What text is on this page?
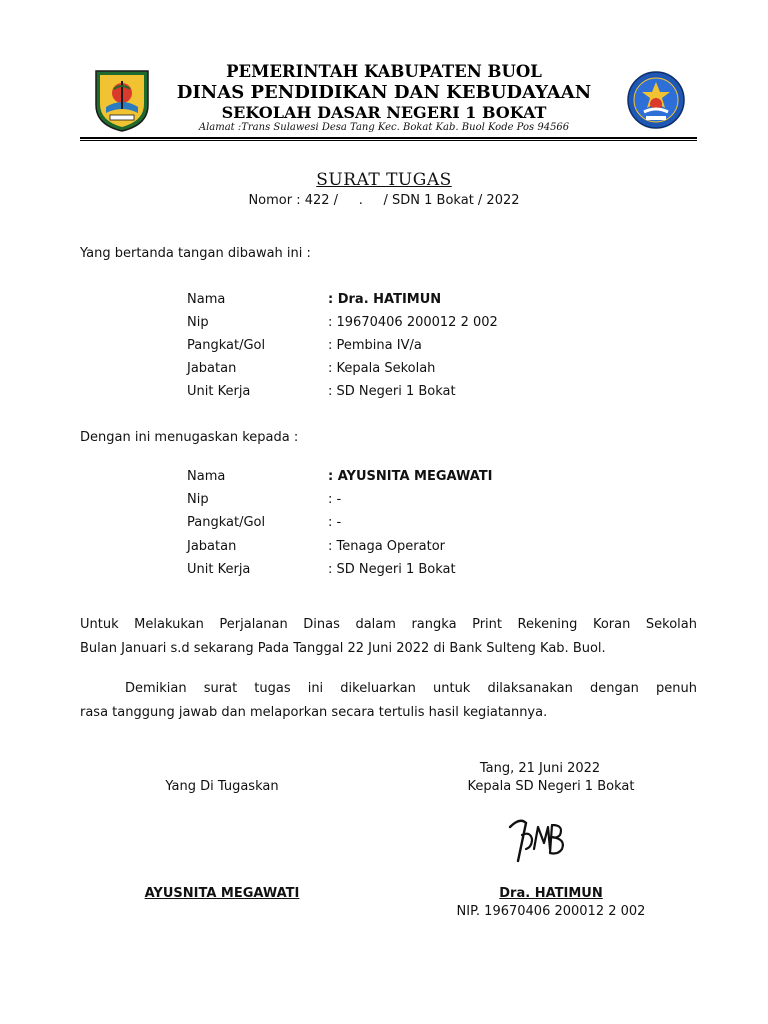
PEMERINTAH KABUPATEN BUOL
DINAS PENDIDIKAN DAN KEBUDAYAAN
SEKOLAH DASAR NEGERI 1 BOKAT
Alamat :Trans Sulawesi Desa Tang Kec. Bokat Kab. Buol Kode Pos 94566
SURAT TUGAS
Nomor : 422 /     .     / SDN 1 Bokat / 2022
Yang bertanda tangan dibawah ini :
Nama	: Dra. HATIMUN
Nip	: 19670406 200012 2 002
Pangkat/Gol	: Pembina IV/a
Jabatan	: Kepala Sekolah
Unit Kerja	: SD Negeri 1 Bokat
Dengan ini menugaskan kepada :
Nama	: AYUSNITA MEGAWATI
Nip	: -
Pangkat/Gol	: -
Jabatan	: Tenaga Operator
Unit Kerja	: SD Negeri 1 Bokat
Untuk Melakukan Perjalanan Dinas dalam rangka Print Rekening Koran Sekolah
Bulan Januari s.d sekarang Pada Tanggal 22 Juni 2022 di Bank Sulteng Kab. Buol.
Demikian surat tugas ini dikeluarkan untuk dilaksanakan dengan penuh
rasa tanggung jawab dan melaporkan secara tertulis hasil kegiatannya.
Tang, 21 Juni 2022
Yang Di Tugaskan	Kepala SD Negeri 1 Bokat
AYUSNITA MEGAWATI	Dra. HATIMUN
NIP. 19670406 200012 2 002
